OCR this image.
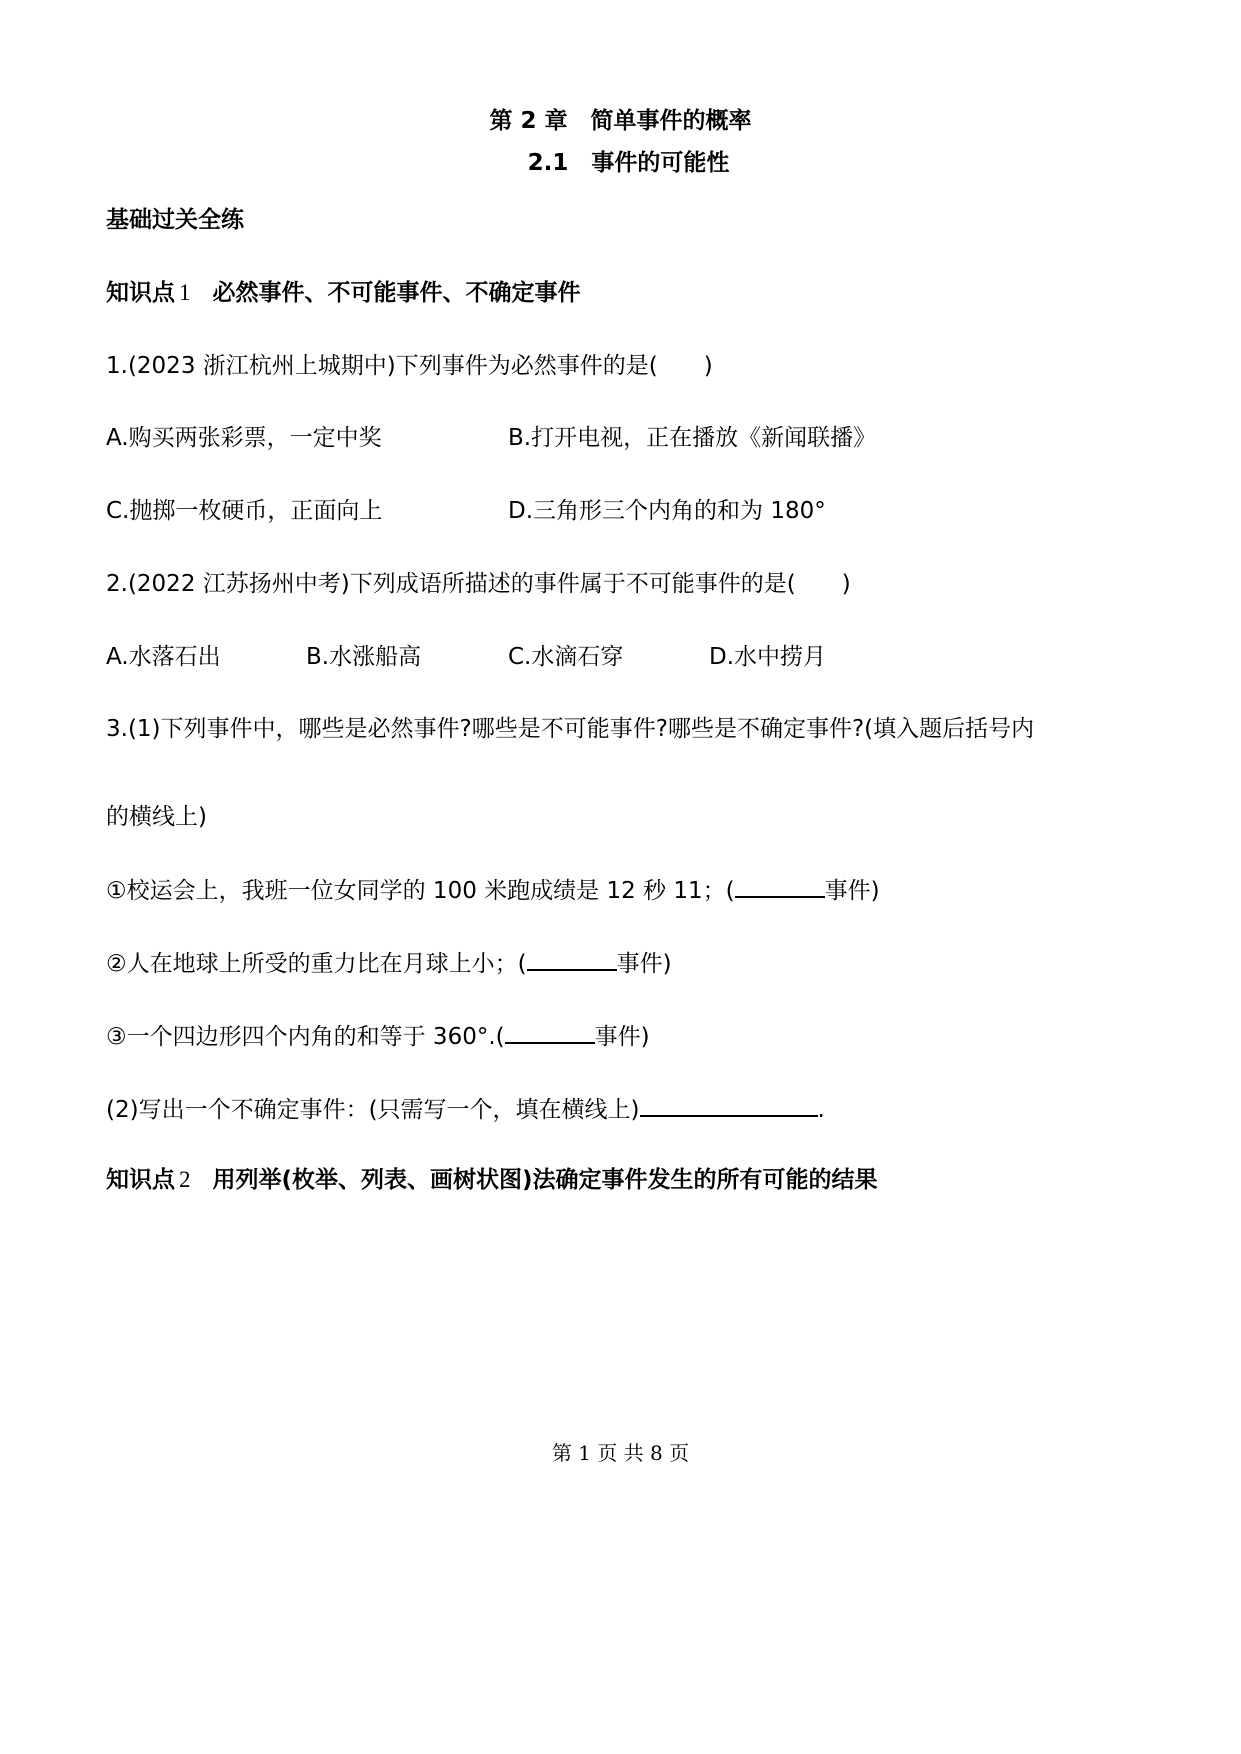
第 2 章　简单事件的概率
2.1　事件的可能性
基础过关全练
知识点 1 必然事件、不可能事件、不确定事件
1.(2023 浙江杭州上城期中)下列事件为必然事件的是( )
A.购买两张彩票，一定中奖	B.打开电视，正在播放《新闻联播》
C.抛掷一枚硬币，正面向上	D.三角形三个内角的和为 180°
2.(2022 江苏扬州中考)下列成语所描述的事件属于不可能事件的是( )
A.水落石出	B.水涨船高	C.水滴石穿	D.水中捞月
3.(1)下列事件中，哪些是必然事件?哪些是不可能事件?哪些是不确定事件?(填入题后括号内
的横线上)
①校运会上，我班一位女同学的 100 米跑成绩是 12 秒 11；(	事件)
②人在地球上所受的重力比在月球上小；(	事件)
③一个四边形四个内角的和等于 360°.(	事件)
(2)写出一个不确定事件：(只需写一个，填在横线上)	.
知识点 2 用列举(枚举、列表、画树状图)法确定事件发生的所有可能的结果
第 1 页 共 8 页
